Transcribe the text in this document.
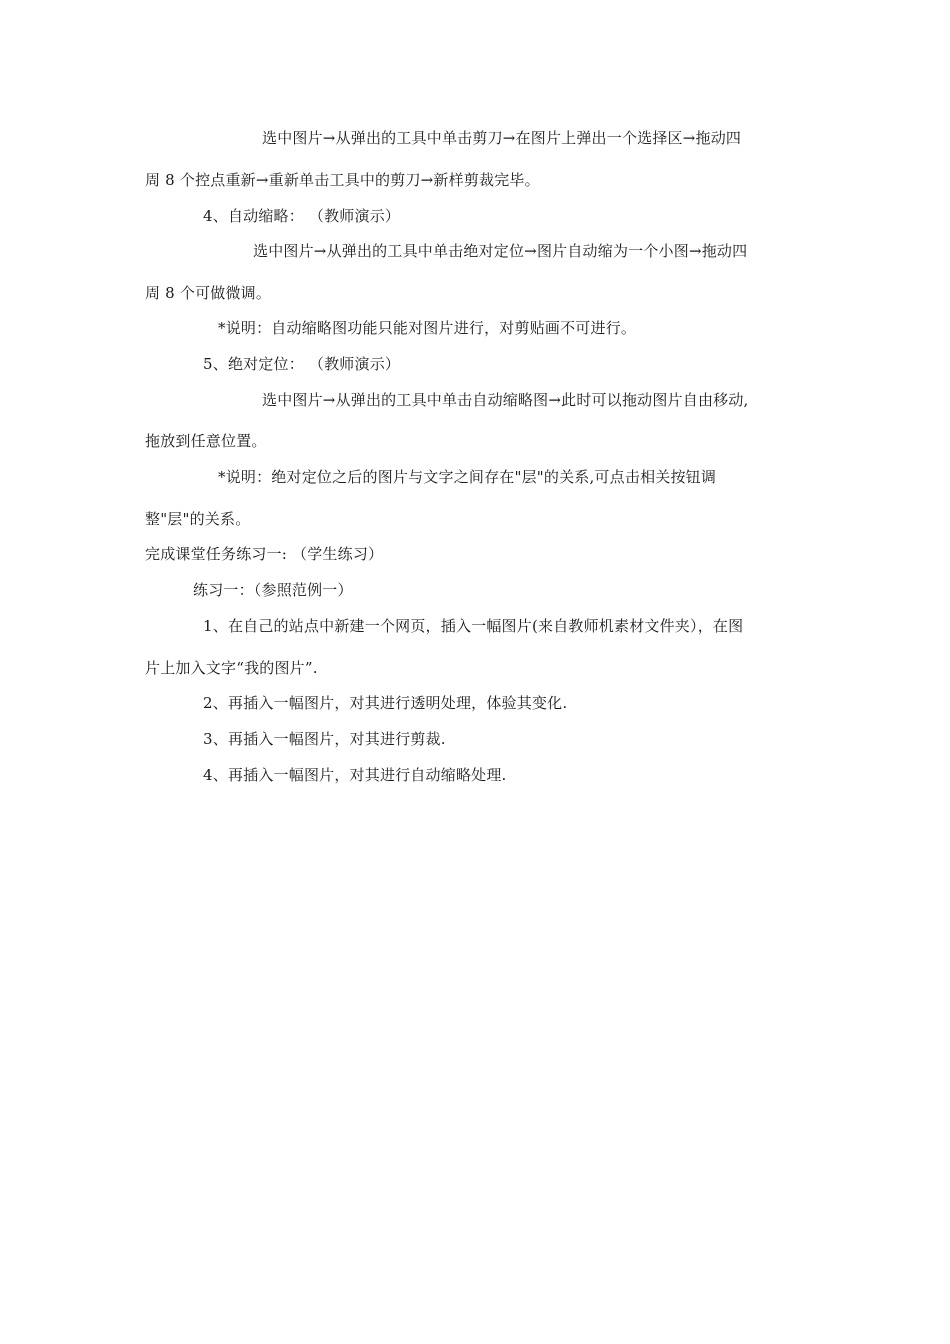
选中图片→从弹出的工具中单击剪刀→在图片上弹出一个选择区→拖动四
周 8 个控点重新→重新单击工具中的剪刀→新样剪裁完毕。
4、自动缩略： （教师演示）
选中图片→从弹出的工具中单击绝对定位→图片自动缩为一个小图→拖动四
周 8 个可做微调。
*说明：自动缩略图功能只能对图片进行，对剪贴画不可进行。
5、绝对定位： （教师演示）
选中图片→从弹出的工具中单击自动缩略图→此时可以拖动图片自由移动,
拖放到任意位置。
*说明：绝对定位之后的图片与文字之间存在"层"的关系,可点击相关按钮调
整"层"的关系。
完成课堂任务练习一: （学生练习）
练习一：（参照范例一）
1、在自己的站点中新建一个网页，插入一幅图片(来自教师机素材文件夹），在图
片上加入文字“我的图片”.
2、再插入一幅图片，对其进行透明处理，体验其变化.
3、再插入一幅图片，对其进行剪裁.
4、再插入一幅图片，对其进行自动缩略处理.
